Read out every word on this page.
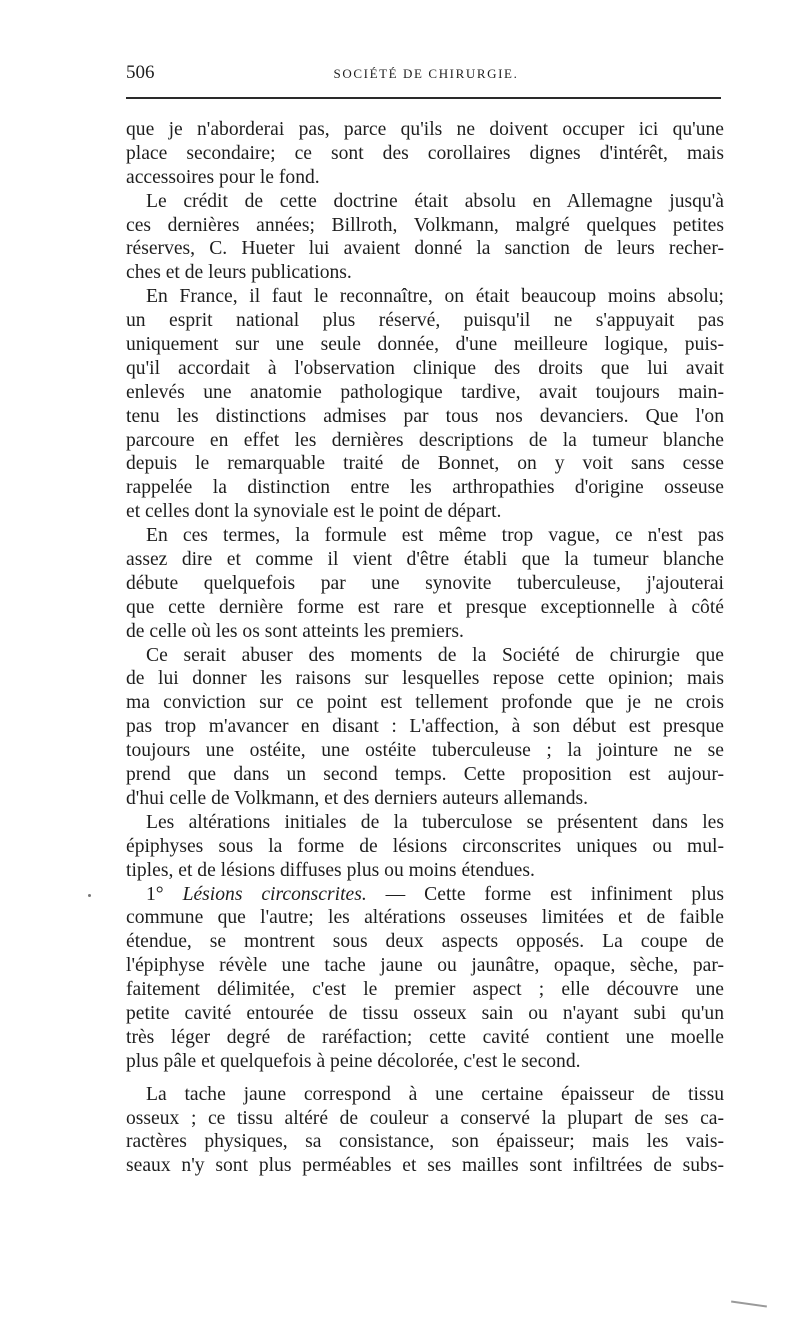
506	SOCIÉTÉ DE CHIRURGIE.
que je n'aborderai pas, parce qu'ils ne doivent occuper ici qu'une
place secondaire; ce sont des corollaires dignes d'intérêt, mais
accessoires pour le fond.
Le crédit de cette doctrine était absolu en Allemagne jusqu'à
ces dernières années; Billroth, Volkmann, malgré quelques petites
réserves, C. Hueter lui avaient donné la sanction de leurs recher-
ches et de leurs publications.
En France, il faut le reconnaître, on était beaucoup moins absolu;
un esprit national plus réservé, puisqu'il ne s'appuyait pas
uniquement sur une seule donnée, d'une meilleure logique, puis-
qu'il accordait à l'observation clinique des droits que lui avait
enlevés une anatomie pathologique tardive, avait toujours main-
tenu les distinctions admises par tous nos devanciers. Que l'on
parcoure en effet les dernières descriptions de la tumeur blanche
depuis le remarquable traité de Bonnet, on y voit sans cesse
rappelée la distinction entre les arthropathies d'origine osseuse
et celles dont la synoviale est le point de départ.
En ces termes, la formule est même trop vague, ce n'est pas
assez dire et comme il vient d'être établi que la tumeur blanche
débute quelquefois par une synovite tuberculeuse, j'ajouterai
que cette dernière forme est rare et presque exceptionnelle à côté
de celle où les os sont atteints les premiers.
Ce serait abuser des moments de la Société de chirurgie que
de lui donner les raisons sur lesquelles repose cette opinion; mais
ma conviction sur ce point est tellement profonde que je ne crois
pas trop m'avancer en disant : L'affection, à son début est presque
toujours une ostéite, une ostéite tuberculeuse ; la jointure ne se
prend que dans un second temps. Cette proposition est aujour-
d'hui celle de Volkmann, et des derniers auteurs allemands.
Les altérations initiales de la tuberculose se présentent dans les
épiphyses sous la forme de lésions circonscrites uniques ou mul-
tiples, et de lésions diffuses plus ou moins étendues.
1° Lésions circonscrites. — Cette forme est infiniment plus
commune que l'autre; les altérations osseuses limitées et de faible
étendue, se montrent sous deux aspects opposés. La coupe de
l'épiphyse révèle une tache jaune ou jaunâtre, opaque, sèche, par-
faitement délimitée, c'est le premier aspect ; elle découvre une
petite cavité entourée de tissu osseux sain ou n'ayant subi qu'un
très léger degré de raréfaction; cette cavité contient une moelle
plus pâle et quelquefois à peine décolorée, c'est le second.
La tache jaune correspond à une certaine épaisseur de tissu
osseux ; ce tissu altéré de couleur a conservé la plupart de ses ca-
ractères physiques, sa consistance, son épaisseur; mais les vais-
seaux n'y sont plus perméables et ses mailles sont infiltrées de subs-
